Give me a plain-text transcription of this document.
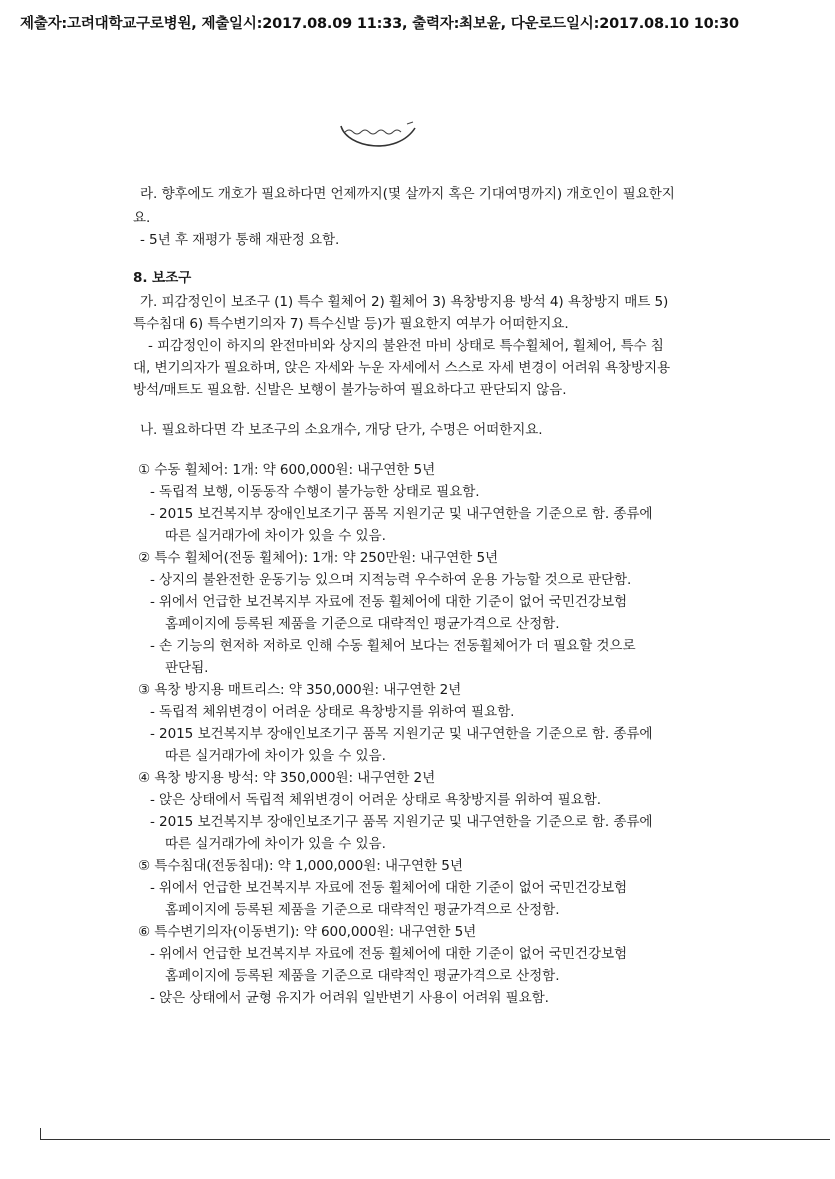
제출자:고려대학교구로병원, 제출일시:2017.08.09 11:33, 출력자:최보윤, 다운로드일시:2017.08.10 10:30
라. 향후에도 개호가 필요하다면 언제까지(몇 살까지 혹은 기대여명까지) 개호인이 필요한지
요.
- 5년 후 재평가 통해 재판정 요함.
8. 보조구
가. 피감정인이 보조구 (1) 특수 휠체어 2) 휠체어 3) 욕창방지용 방석 4) 욕창방지 매트 5)
특수침대 6) 특수변기의자 7) 특수신발 등)가 필요한지 여부가 어떠한지요.
- 피감정인이 하지의 완전마비와 상지의 불완전 마비 상태로 특수휠체어, 휠체어, 특수 침
대, 변기의자가 필요하며, 앉은 자세와 누운 자세에서 스스로 자세 변경이 어려워 욕창방지용
방석/매트도 필요함. 신발은 보행이 불가능하여 필요하다고 판단되지 않음.
나. 필요하다면 각 보조구의 소요개수, 개당 단가, 수명은 어떠한지요.
① 수동 휠체어: 1개: 약 600,000원: 내구연한 5년
- 독립적 보행, 이동동작 수행이 불가능한 상태로 필요함.
- 2015 보건복지부 장애인보조기구 품목 지원기군 및 내구연한을 기준으로 함. 종류에
따른 실거래가에 차이가 있을 수 있음.
② 특수 휠체어(전동 휠체어): 1개: 약 250만원: 내구연한 5년
- 상지의 불완전한 운동기능 있으며 지적능력 우수하여 운용 가능할 것으로 판단함.
- 위에서 언급한 보건복지부 자료에 전동 휠체어에 대한 기준이 없어 국민건강보험
홈페이지에 등록된 제품을 기준으로 대략적인 평균가격으로 산정함.
- 손 기능의 현저하 저하로 인해 수동 휠체어 보다는 전동휠체어가 더 필요할 것으로
판단됨.
③ 욕창 방지용 매트리스: 약 350,000원: 내구연한 2년
- 독립적 체위변경이 어려운 상태로 욕창방지를 위하여 필요함.
- 2015 보건복지부 장애인보조기구 품목 지원기군 및 내구연한을 기준으로 함. 종류에
따른 실거래가에 차이가 있을 수 있음.
④ 욕창 방지용 방석: 약 350,000원: 내구연한 2년
- 앉은 상태에서 독립적 체위변경이 어려운 상태로 욕창방지를 위하여 필요함.
- 2015 보건복지부 장애인보조기구 품목 지원기군 및 내구연한을 기준으로 함. 종류에
따른 실거래가에 차이가 있을 수 있음.
⑤ 특수침대(전동침대): 약 1,000,000원: 내구연한 5년
- 위에서 언급한 보건복지부 자료에 전동 휠체어에 대한 기준이 없어 국민건강보험
홈페이지에 등록된 제품을 기준으로 대략적인 평균가격으로 산정함.
⑥ 특수변기의자(이동변기): 약 600,000원: 내구연한 5년
- 위에서 언급한 보건복지부 자료에 전동 휠체어에 대한 기준이 없어 국민건강보험
홈페이지에 등록된 제품을 기준으로 대략적인 평균가격으로 산정함.
- 앉은 상태에서 균형 유지가 어려워 일반변기 사용이 어려워 필요함.
